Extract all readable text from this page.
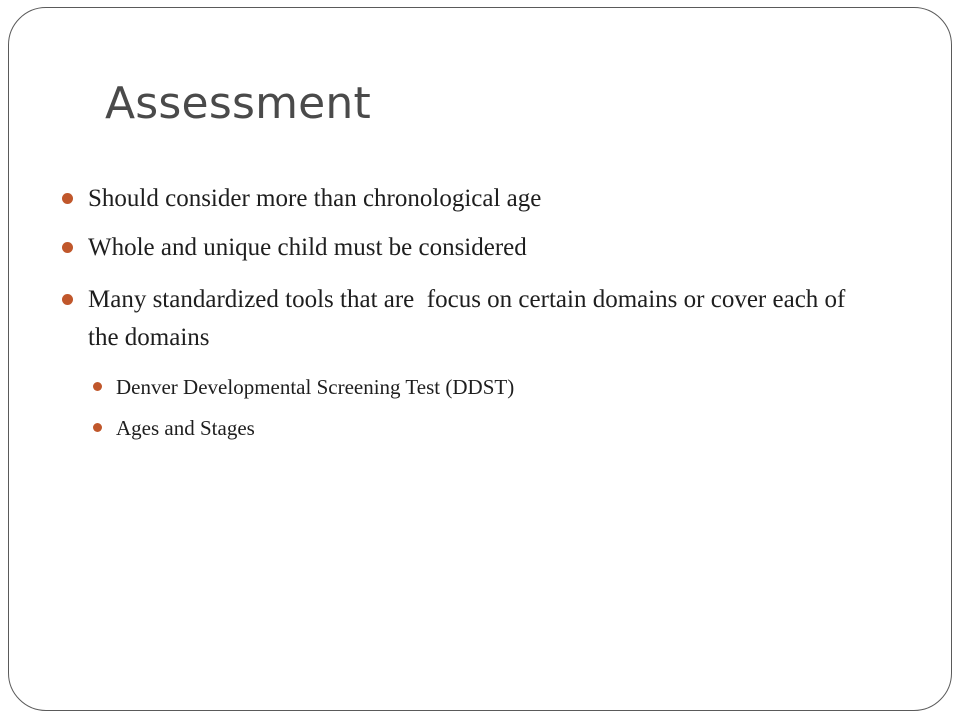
Assessment
Should consider more than chronological age
Whole and unique child must be considered
Many standardized tools that are  focus on certain domains or cover each of the domains
Denver Developmental Screening Test (DDST)
Ages and Stages
